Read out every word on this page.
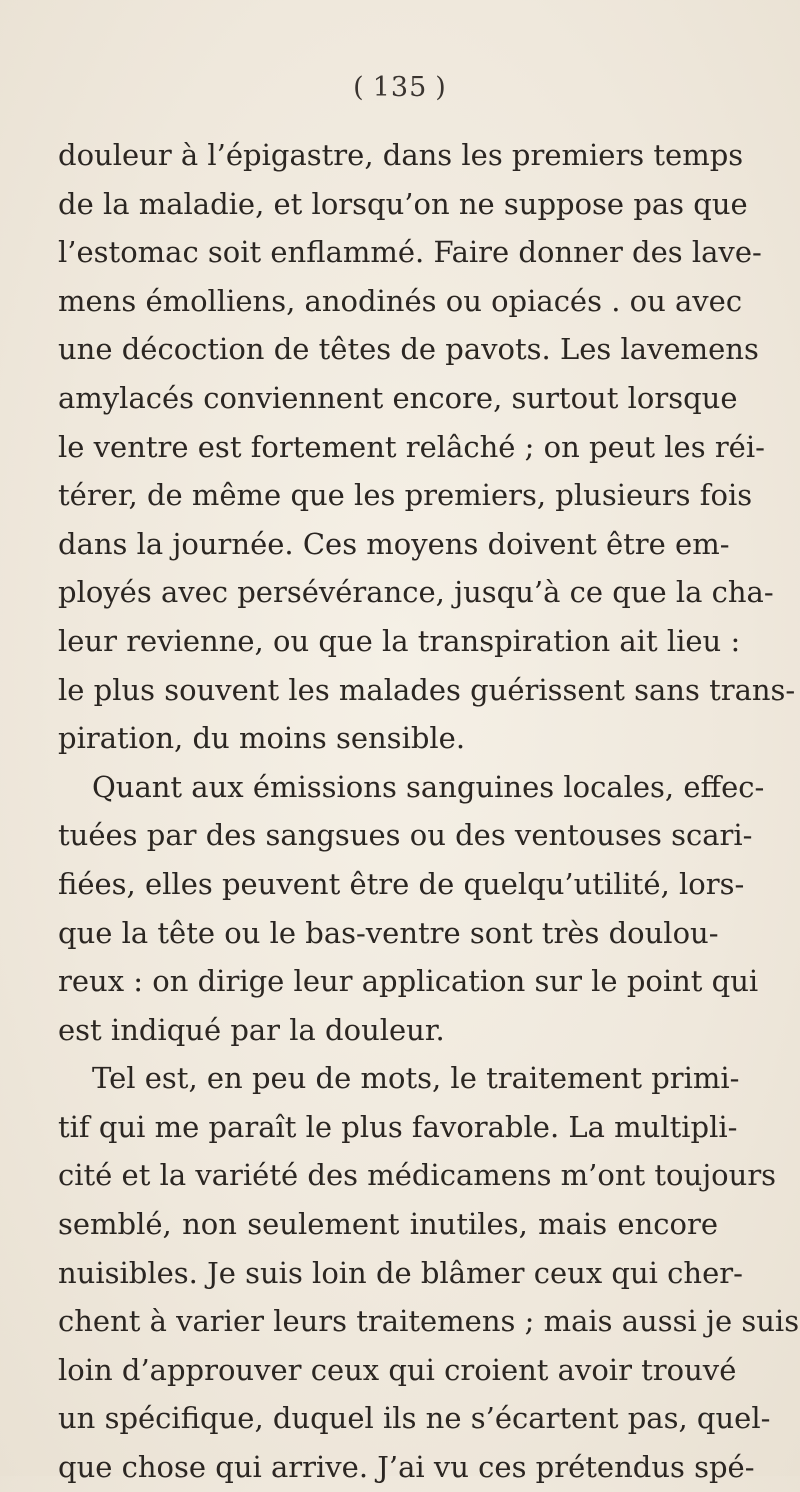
( 135 )
douleur à l’épigastre, dans les premiers temps
de la maladie, et lorsqu’on ne suppose pas que
l’estomac soit enflammé. Faire donner des lave-
mens émolliens, anodinés ou opiacés . ou avec
une décoction de têtes de pavots. Les lavemens
amylacés conviennent encore, surtout lorsque
le ventre est fortement relâché ; on peut les réi-
térer, de même que les premiers, plusieurs fois
dans la journée. Ces moyens doivent être em-
ployés avec persévérance, jusqu’à ce que la cha-
leur revienne, ou que la transpiration ait lieu :
le plus souvent les malades guérissent sans trans-
piration, du moins sensible.
Quant aux émissions sanguines locales, effec-
tuées par des sangsues ou des ventouses scari-
fiées, elles peuvent être de quelqu’utilité, lors-
que la tête ou le bas-ventre sont très doulou-
reux : on dirige leur application sur le point qui
est indiqué par la douleur.
Tel est, en peu de mots, le traitement primi-
tif qui me paraît le plus favorable. La multipli-
cité et la variété des médicamens m’ont toujours
semblé, non seulement inutiles, mais encore
nuisibles. Je suis loin de blâmer ceux qui cher-
chent à varier leurs traitemens ; mais aussi je suis
loin d’approuver ceux qui croient avoir trouvé
un spécifique, duquel ils ne s’écartent pas, quel-
que chose qui arrive. J’ai vu ces prétendus spé-
